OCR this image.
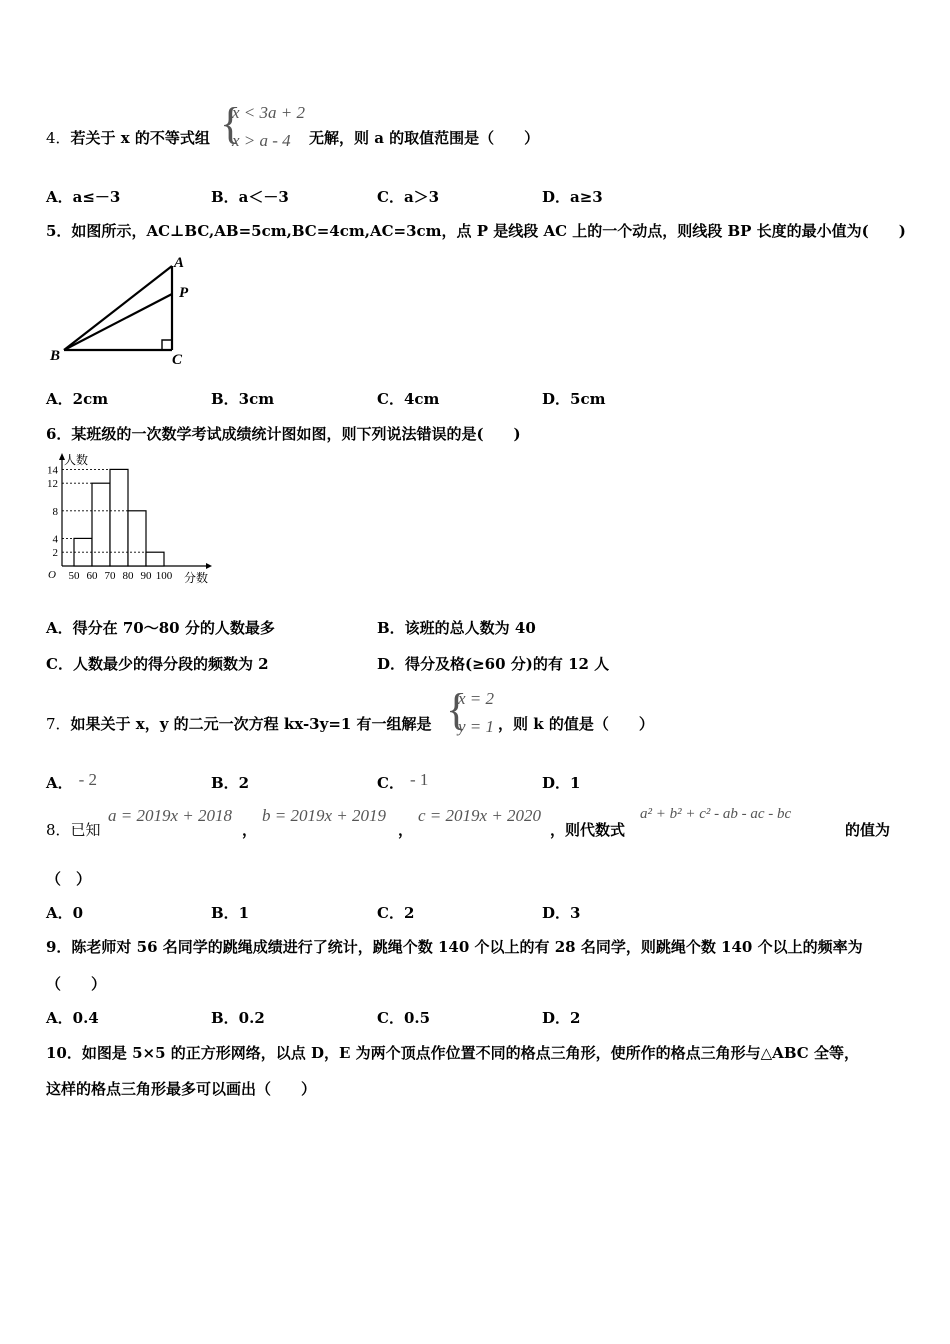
4．若关于 x 的不等式组 {
x < 3a + 2
x > a - 4 无解，则 a 的取值范围是（　　）
A．a≤－3	B．a＜－3	C．a＞3	D．a≥3
5．如图所示，AC⊥BC,AB=5cm,BC=4cm,AC=3cm，点 P 是线段 AC 上的一个动点，则线段 BP 长度的最小值为(　　)
A
P
B	C
A．2cm	B．3cm	C．4cm	D．5cm
6．某班级的一次数学考试成绩统计图如图，则下列说法错误的是(　　)
2
4
8
12
14
50 60 70 80 90 100
O
人数
分数
A．得分在 70～80 分的人数最多	B．该班的总人数为 40
C．人数最少的得分段的频数为 2	D．得分及格(≥60 分)的有 12 人
7．如果关于 x，y 的二元一次方程 kx-3y=1 有一组解是 {
x = 2
y = 1 ，则 k 的值是（　　）
A． - 2	B．2	C． - 1	D．1
8．已知
a = 2019x + 2018
，
b = 2019x + 2019
，
c = 2019x + 2020
，则代数式
a² + b² + c² - ab - ac - bc
的值为
（　）
A．0	B．1	C．2	D．3
9．陈老师对 56 名同学的跳绳成绩进行了统计，跳绳个数 140 个以上的有 28 名同学，则跳绳个数 140 个以上的频率为
（　　）
A．0.4	B．0.2	C．0.5	D．2
10．如图是 5×5 的正方形网络，以点 D，E 为两个顶点作位置不同的格点三角形，使所作的格点三角形与△ABC 全等，
这样的格点三角形最多可以画出（　　）
